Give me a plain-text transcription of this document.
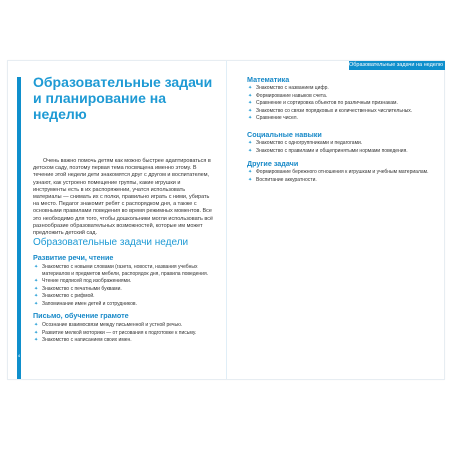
4
Образовательные задачи
и планирование на неделю

Очень важно помочь детям как можно быстрее адаптироваться в детском саду, поэтому первая тема посвящена именно этому. В течение этой недели дети знакомятся друг с другом и воспитателем, узнают, как устроено помещение группы, какие игрушки и инструменты есть в их распоряжении, учатся использовать материалы — снимать их с полки, правильно играть с ними, убирать на место. Педагог знакомит ребят с распорядком дня, а также с основными правилами поведения во время режимных моментов. Все это необходимо для того, чтобы дошкольники могли использовать всё разнообразие образовательных возможностей, которые им может предложить детский сад.

Образовательные задачи недели
Развитие речи, чтение
✦ Знакомство с новыми словами (газета, новости, названия учебных материалов и предметов мебели, распорядок дня, правила поведения.
✦ Чтение подписей под изображениями.
✦ Знакомство с печатными буквами.
✦ Знакомство с рифмой.
✦ Запоминание имен детей и сотрудников.
Письмо, обучение грамоте
✦ Осознание взаимосвязи между письменной и устной речью.
✦ Развитие мелкой моторики — от рисования к подготовке к письму.
✦ Знакомство с написанием своих имен.
Образовательные задачи на неделю
Математика
✦ Знакомство с названием цифр.
✦ Формирование навыков счета.
✦ Сравнение и сортировка объектов по различным признакам.
✦ Знакомство со связи порядковых и количественных числительных.
✦ Сравнение чисел.
Социальные навыки
✦ Знакомство с одногруппниками и педагогами.
✦ Знакомство с правилами и общепринятыми нормами поведения.
Другие задачи
✦ Формирование бережного отношения к игрушкам и учебным материалам.
✦ Воспитание аккуратности.
